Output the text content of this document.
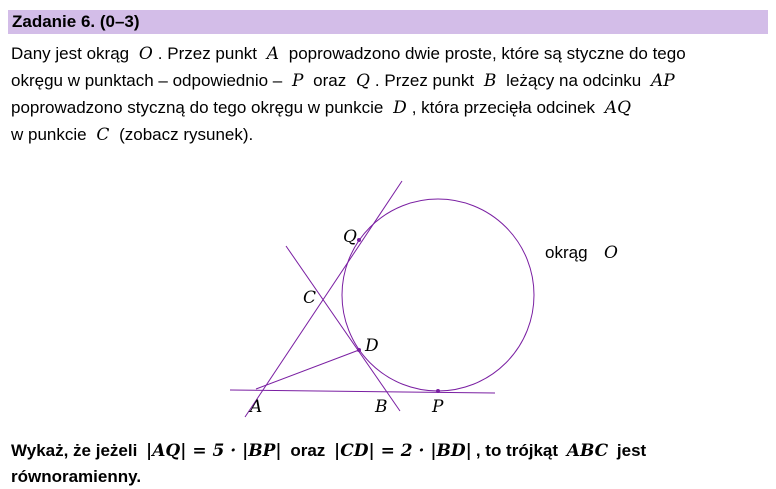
Zadanie 6. (0–3)
Dany jest okrąg O . Przez punkt A poprowadzono dwie proste, które są styczne do tego
okręgu w punktach – odpowiednio – P oraz Q . Przez punkt B leżący na odcinku AP
poprowadzono styczną do tego okręgu w punkcie D , która przecięła odcinek AQ
w punkcie C (zobacz rysunek).
Q
C
D
A	B	P
okrąg O
Wykaż, że jeżeli |AQ| = 5 · |BP| oraz |CD| = 2 · |BD| , to trójkąt ABC jest
równoramienny.
